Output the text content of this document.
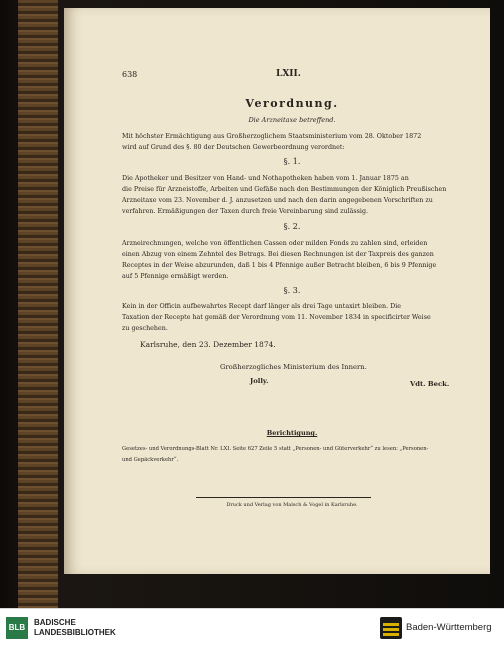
638	LXII.
Verordnung.
Die Arzneitaxe betreffend.
Mit höchster Ermächtigung aus Großherzoglichem Staatsministerium vom 28. Oktober 1872
wird auf Grund des §. 80 der Deutschen Gewerbeordnung verordnet:
§. 1.
Die Apotheker und Besitzer von Hand- und Nothapotheken haben vom 1. Januar 1875 an
die Preise für Arzneistoffe, Arbeiten und Gefäße nach den Bestimmungen der Königlich Preußischen
Arzneitaxe vom 23. November d. J. anzusetzen und nach den darin angegebenen Vorschriften zu
verfahren. Ermäßigungen der Taxen durch freie Vereinbarung sind zulässig.
§. 2.
Arzneirechnungen, welche von öffentlichen Cassen oder milden Fonds zu zahlen sind, erleiden
einen Abzug von einem Zehntel des Betrags. Bei diesen Rechnungen ist der Taxpreis des ganzen
Receptes in der Weise abzurunden, daß 1 bis 4 Pfennige außer Betracht bleiben, 6 bis 9 Pfennige
auf 5 Pfennige ermäßigt werden.
§. 3.
Kein in der Officin aufbewahrtes Recept darf länger als drei Tage untaxirt bleiben. Die
Taxation der Recepte hat gemäß der Verordnung vom 11. November 1834 in specificirter Weise
zu geschehen.
Karlsruhe, den 23. Dezember 1874.
Großherzogliches Ministerium des Innern.
Jolly.	Vdt. Beck.
Berichtigung.
Gesetzes- und Verordnungs-Blatt Nr. LXI. Seite 627 Zeile 5 statt „Personen- und Güterverkehr“ zu lesen: „Personen-
und Gepäckverkehr“.
Druck und Verlag von Malsch & Vogel in Karlsruhe.
BLB
BADISCHE
LANDESBIBLIOTHEK	Baden-Württemberg
